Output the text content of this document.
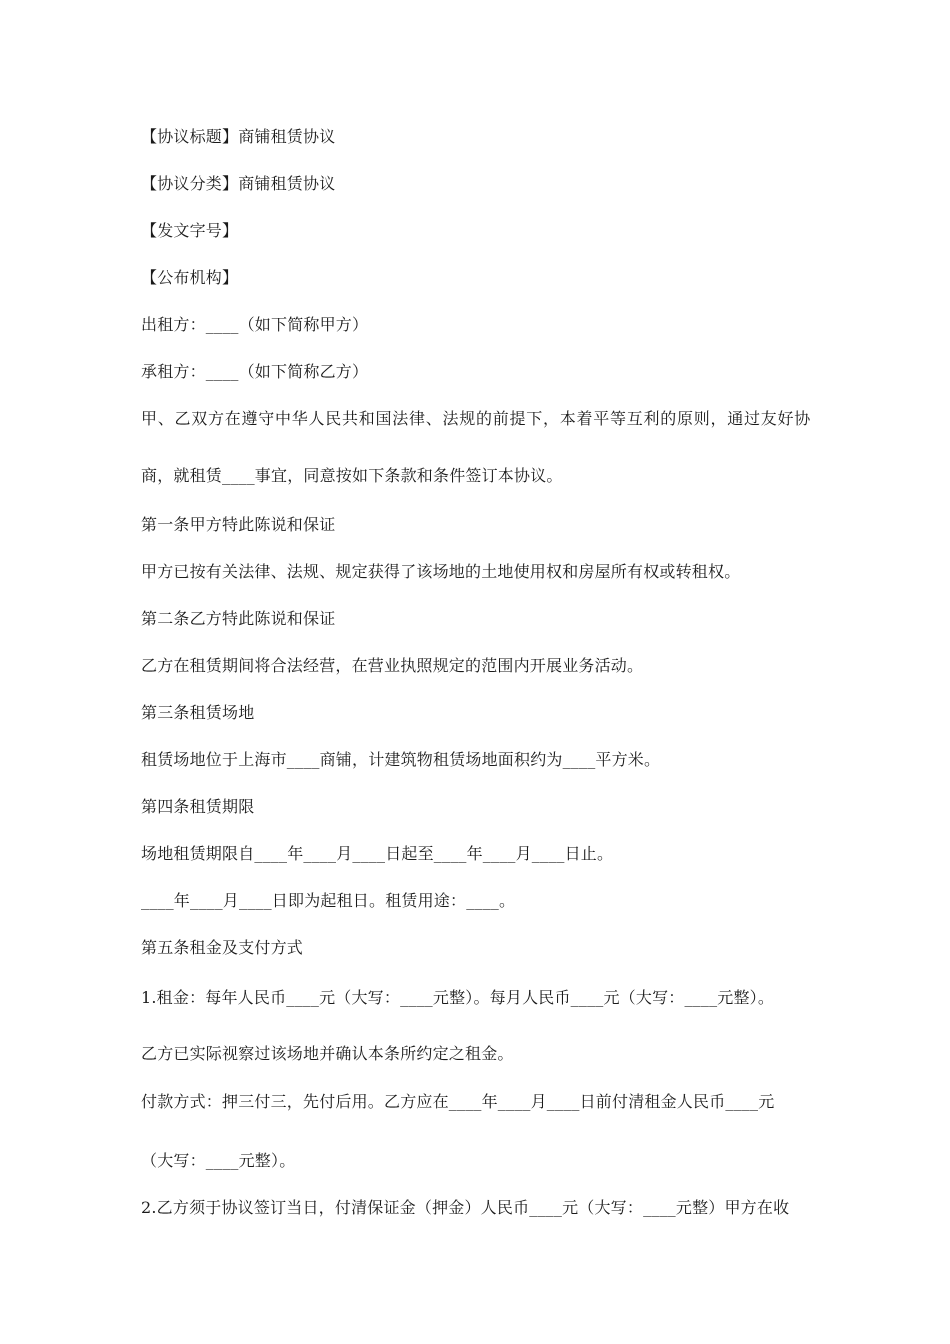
【协议标题】商铺租赁协议
【协议分类】商铺租赁协议
【发文字号】
【公布机构】
出租方：____（如下简称甲方）
承租方：____（如下简称乙方）
甲、乙双方在遵守中华人民共和国法律、法规的前提下，本着平等互利的原则，通过友好协
商，就租赁____事宜，同意按如下条款和条件签订本协议。
第一条甲方特此陈说和保证
甲方已按有关法律、法规、规定获得了该场地的土地使用权和房屋所有权或转租权。
第二条乙方特此陈说和保证
乙方在租赁期间将合法经营，在营业执照规定的范围内开展业务活动。
第三条租赁场地
租赁场地位于上海市____商铺，计建筑物租赁场地面积约为____平方米。
第四条租赁期限
场地租赁期限自____年____月____日起至____年____月____日止。
____年____月____日即为起租日。租赁用途：____。
第五条租金及支付方式
1.租金：每年人民币____元（大写：____元整）。每月人民币____元（大写：____元整）。
乙方已实际视察过该场地并确认本条所约定之租金。
付款方式：押三付三，先付后用。乙方应在____年____月____日前付清租金人民币____元
（大写：____元整）。
2.乙方须于协议签订当日，付清保证金（押金）人民币____元（大写：____元整）甲方在收
